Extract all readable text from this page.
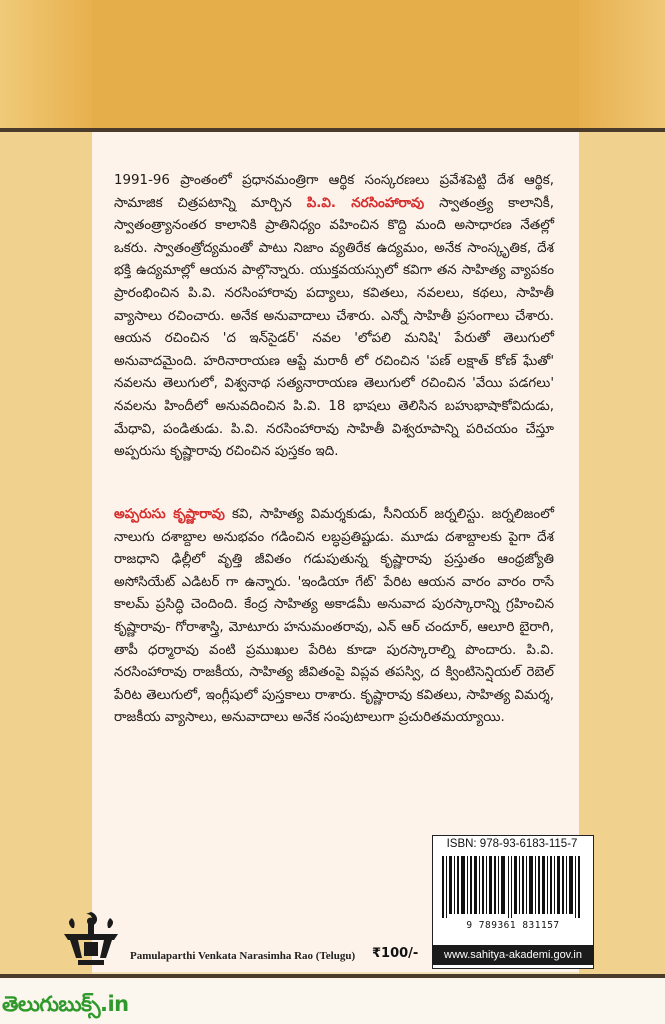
1991-96 ప్రాంతంలో ప్రధానమంత్రిగా ఆర్థిక సంస్కరణలు ప్రవేశపెట్టి దేశ ఆర్థిక, సామాజిక చిత్రపటాన్ని మార్చిన పి.వి. నరసింహారావు స్వాతంత్ర్య కాలానికీ, స్వాతంత్ర్యానంతర కాలానికి ప్రాతినిధ్యం వహించిన కొద్ది మంది అసాధారణ నేతల్లో ఒకరు. స్వాతంత్రోద్యమంతో పాటు నిజాం వ్యతిరేక ఉద్యమం, అనేక సాంస్కృతిక, దేశ భక్తి ఉద్యమాల్లో ఆయన పాల్గొన్నారు. యుక్తవయస్సులో కవిగా తన సాహిత్య వ్యాపకం ప్రారంభించిన పి.వి. నరసింహారావు పద్యాలు, కవితలు, నవలలు, కథలు, సాహితీ వ్యాసాలు రచించారు. అనేక అనువాదాలు చేశారు. ఎన్నో సాహితీ ప్రసంగాలు చేశారు. ఆయన రచించిన 'ద ఇన్‌సైడర్' నవల 'లోపలి మనిషి' పేరుతో తెలుగులో అనువాదమైంది. హరినారాయణ ఆప్టే మరాఠీ లో రచించిన 'పణ్ లక్షాత్ కోణ్ ఘేతో' నవలను తెలుగులో, విశ్వనాథ సత్యనారాయణ తెలుగులో రచించిన 'వేయి పడగలు' నవలను హిందీలో అనువదించిన పి.వి. 18 భాషలు తెలిసిన బహుభాషాకోవిదుడు, మేధావి, పండితుడు. పి.వి. నరసింహారావు సాహితీ విశ్వరూపాన్ని పరిచయం చేస్తూ అప్పరుసు కృష్ణారావు రచించిన పుస్తకం ఇది.

అప్పరుసు కృష్ణారావు కవి, సాహిత్య విమర్శకుడు, సీనియర్ జర్నలిస్టు. జర్నలిజంలో నాలుగు దశాబ్దాల అనుభవం గడించిన లబ్ధప్రతిష్టుడు. మూడు దశాబ్దాలకు పైగా దేశ రాజధాని ఢిల్లీలో వృత్తి జీవితం గడుపుతున్న కృష్ణారావు ప్రస్తుతం ఆంధ్రజ్యోతి అసోసియేట్ ఎడిటర్ గా ఉన్నారు. 'ఇండియా గేట్' పేరిట ఆయన వారం వారం రాసే కాలమ్ ప్రసిద్ధి చెందింది. కేంద్ర సాహిత్య అకాడమీ అనువాద పురస్కారాన్ని గ్రహించిన కృష్ణారావు- గోరాశాస్త్రి, మోటూరు హనుమంతరావు, ఎన్ ఆర్ చందూర్, ఆలూరి బైరాగి, తాపీ ధర్మారావు వంటి ప్రముఖుల పేరిట కూడా పురస్కారాల్ని పొందారు. పి.వి. నరసింహారావు రాజకీయ, సాహిత్య జీవితంపై విప్లవ తపస్వి, ద క్వింటిసెన్షియల్ రెబెల్ పేరిట తెలుగులో, ఇంగ్లీషులో పుస్తకాలు రాశారు. కృష్ణారావు కవితలు, సాహిత్య విమర్శ, రాజకీయ వ్యాసాలు, అనువాదాలు అనేక సంపుటాలుగా ప్రచురితమయ్యాయి.

ISBN: 978-93-6183-115-7
9 789361 831157
www.sahitya-akademi.gov.in
Pamulaparthi Venkata Narasimha Rao (Telugu) ₹100/-
తెలుగుబుక్స్.in
